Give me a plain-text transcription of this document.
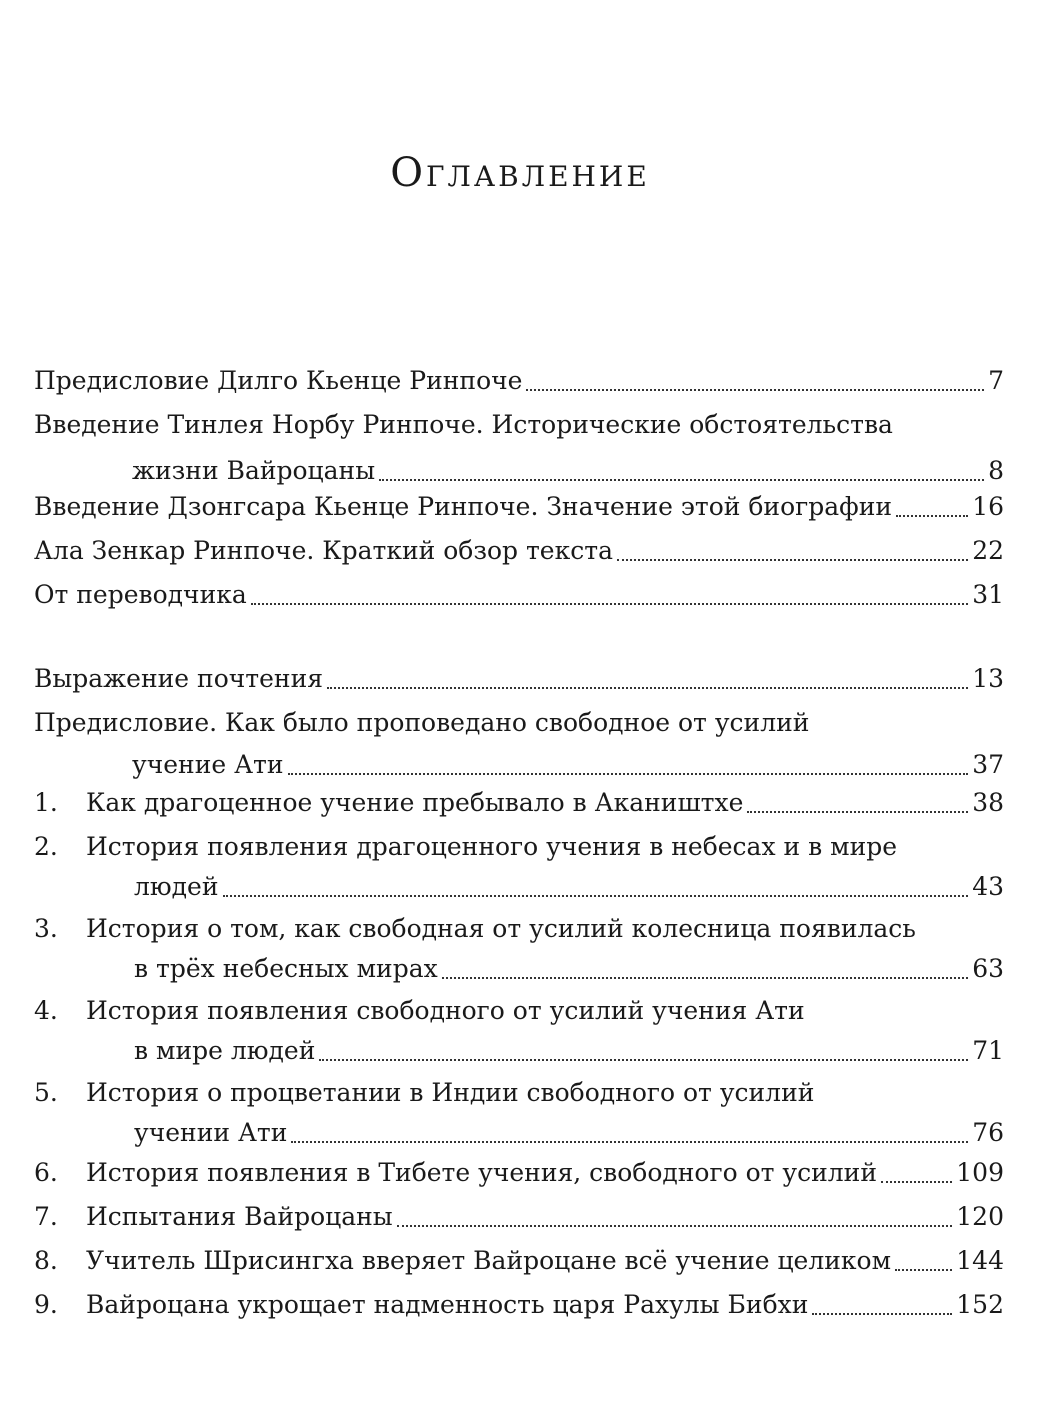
Оглавление
Предисловие Дилго Кьенце Ринпоче	7
Введение Тинлея Норбу Ринпоче. Исторические обстоятельства
жизни Вайроцаны	8
Введение Дзонгсара Кьенце Ринпоче. Значение этой биографии	16
Ала Зенкар Ринпоче. Краткий обзор текста	22
От переводчика	31
Выражение почтения	13
Предисловие. Как было проповедано свободное от усилий
учение Ати	37
1.	Как драгоценное учение пребывало в Акаништхе	38
2. История появления драгоценного учения в небесах и в мире
людей	43
3. История о том, как свободная от усилий колесница появилась
в трёх небесных мирах	63
4. История появления свободного от усилий учения Ати
в мире людей	71
5. История о процветании в Индии свободного от усилий
учении Ати	76
6.	История появления в Тибете учения, свободного от усилий	109
7.	Испытания Вайроцаны	120
8.	Учитель Шрисингха вверяет Вайроцане всё учение целиком	144
9.	Вайроцана укрощает надменность царя Рахулы Бибхи	152
